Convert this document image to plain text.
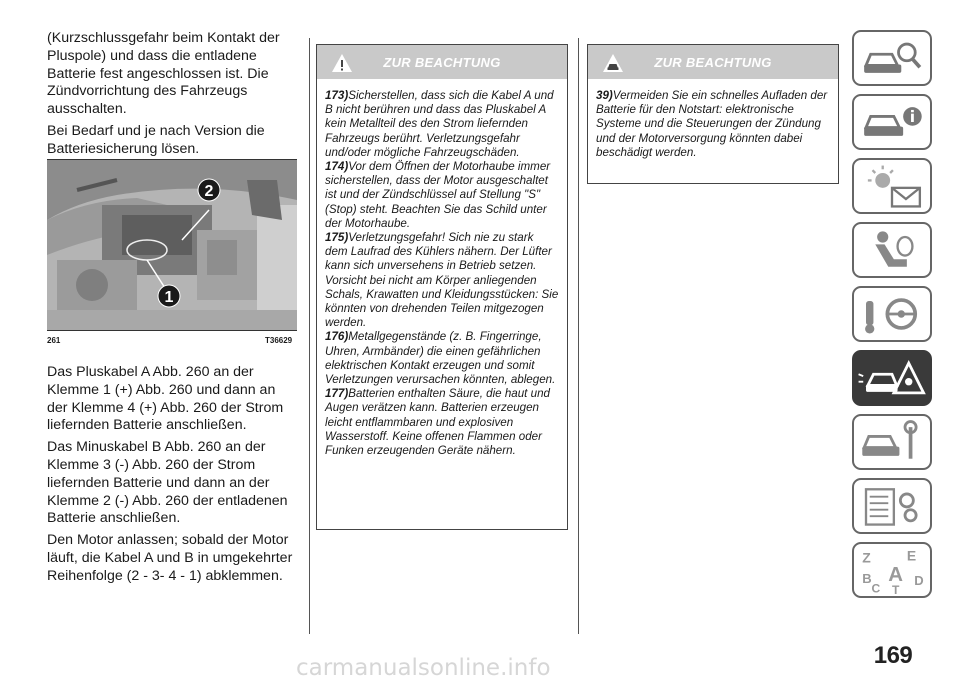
(Kurzschlussgefahr beim Kontakt der Pluspole) und dass die entladene Batterie fest angeschlossen ist. Die Zündvorrichtung des Fahrzeugs ausschalten.

Bei Bedarf und je nach Version die Batteriesicherung lösen.

2
1
261	T36629

Das Pluskabel A Abb. 260 an der Klemme 1 (+) Abb. 260 und dann an der Klemme 4 (+) Abb. 260 der Strom liefernden Batterie anschließen.

Das Minuskabel B Abb. 260 an der Klemme 3 (-) Abb. 260 der Strom liefernden Batterie und dann an der Klemme 2 (-) Abb. 260 der entladenen Batterie anschließen.

Den Motor anlassen; sobald der Motor läuft, die Kabel A und B in umgekehrter Reihenfolge (2 - 3- 4 - 1) abklemmen.

ZUR BEACHTUNG

173)Sicherstellen, dass sich die Kabel A und B nicht berühren und dass das Pluskabel A kein Metallteil des den Strom liefernden Fahrzeugs berührt. Verletzungsgefahr und/oder mögliche Fahrzeugschäden.

174)Vor dem Öffnen der Motorhaube immer sicherstellen, dass der Motor ausgeschaltet ist und der Zündschlüssel auf Stellung "S" (Stop) steht. Beachten Sie das Schild unter der Motorhaube.

175)Verletzungsgefahr! Sich nie zu stark dem Laufrad des Kühlers nähern. Der Lüfter kann sich unversehens in Betrieb setzen. Vorsicht bei nicht am Körper anliegenden Schals, Krawatten und Kleidungsstücken: Sie könnten von drehenden Teilen mitgezogen werden.

176)Metallgegenstände (z. B. Fingerringe, Uhren, Armbänder) die einen gefährlichen elektrischen Kontakt erzeugen und somit Verletzungen verursachen könnten, ablegen.

177)Batterien enthalten Säure, die haut und Augen verätzen kann. Batterien erzeugen leicht entflammbaren und explosiven Wasserstoff. Keine offenen Flammen oder Funken erzeugenden Geräte nähern.

ZUR BEACHTUNG

39)Vermeiden Sie ein schnelles Aufladen der Batterie für den Notstart: elektronische Systeme und die Steuerungen der Zündung und der Motorversorgung könnten dabei beschädigt werden.

Z E
A
B
C
D
T
169
carmanualsonline.info
